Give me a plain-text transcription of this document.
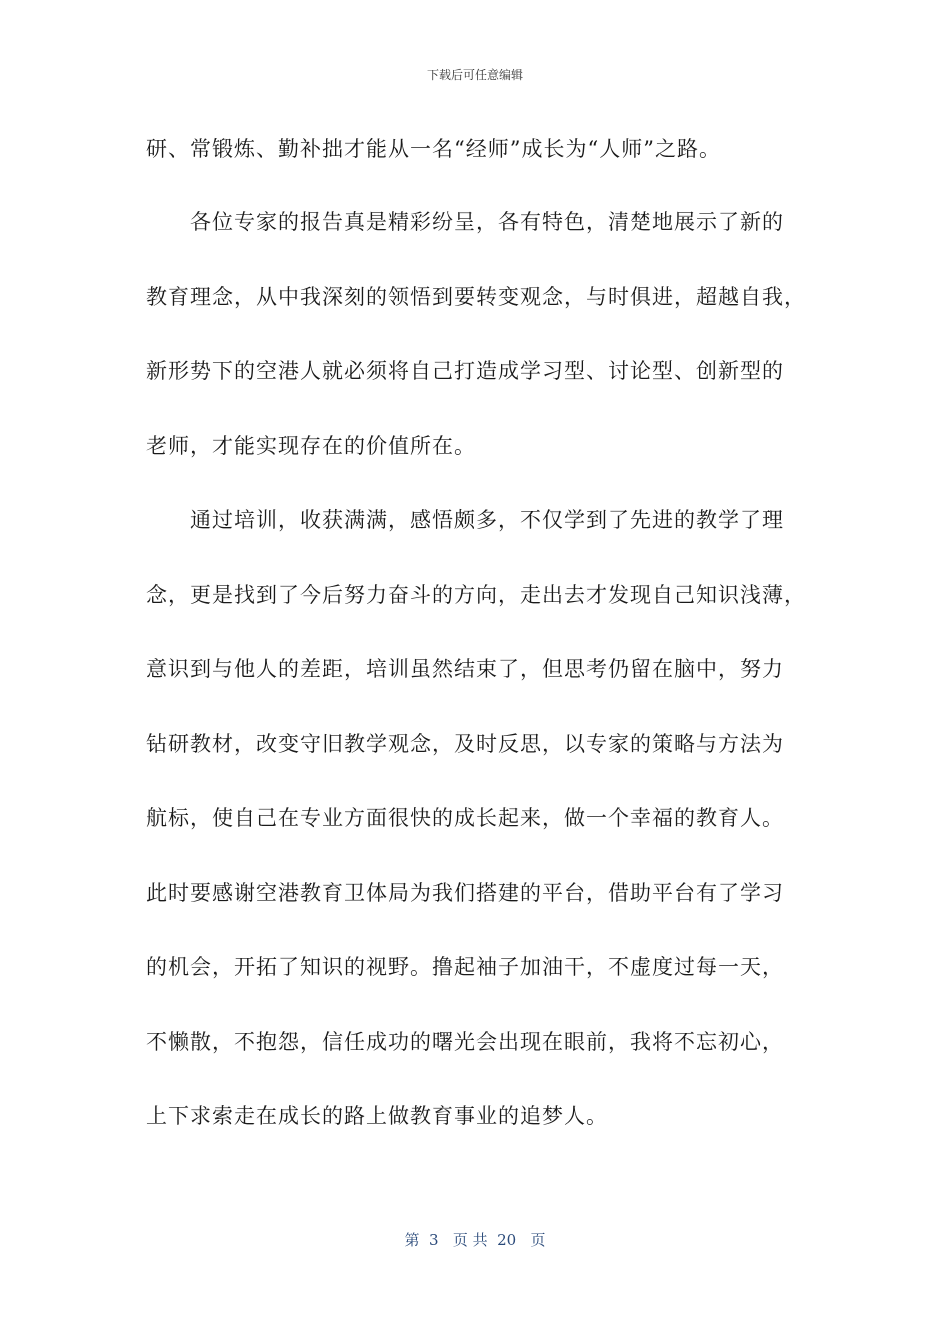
下载后可任意编辑
研、常锻炼、勤补拙才能从一名“经师”成长为“人师”之路。
各位专家的报告真是精彩纷呈，各有特色，清楚地展示了新的
教育理念，从中我深刻的领悟到要转变观念，与时俱进，超越自我，
新形势下的空港人就必须将自己打造成学习型、讨论型、创新型的
老师，才能实现存在的价值所在。
通过培训，收获满满，感悟颇多，不仅学到了先进的教学了理
念，更是找到了今后努力奋斗的方向，走出去才发现自己知识浅薄，
意识到与他人的差距，培训虽然结束了，但思考仍留在脑中，努力
钻研教材，改变守旧教学观念，及时反思，以专家的策略与方法为
航标，使自己在专业方面很快的成长起来，做一个幸福的教育人。
此时要感谢空港教育卫体局为我们搭建的平台，借助平台有了学习
的机会，开拓了知识的视野。撸起袖子加油干，不虚度过每一天，
不懒散，不抱怨，信任成功的曙光会出现在眼前，我将不忘初心，
上下求索走在成长的路上做教育事业的追梦人。
第  3   页 共  20   页
